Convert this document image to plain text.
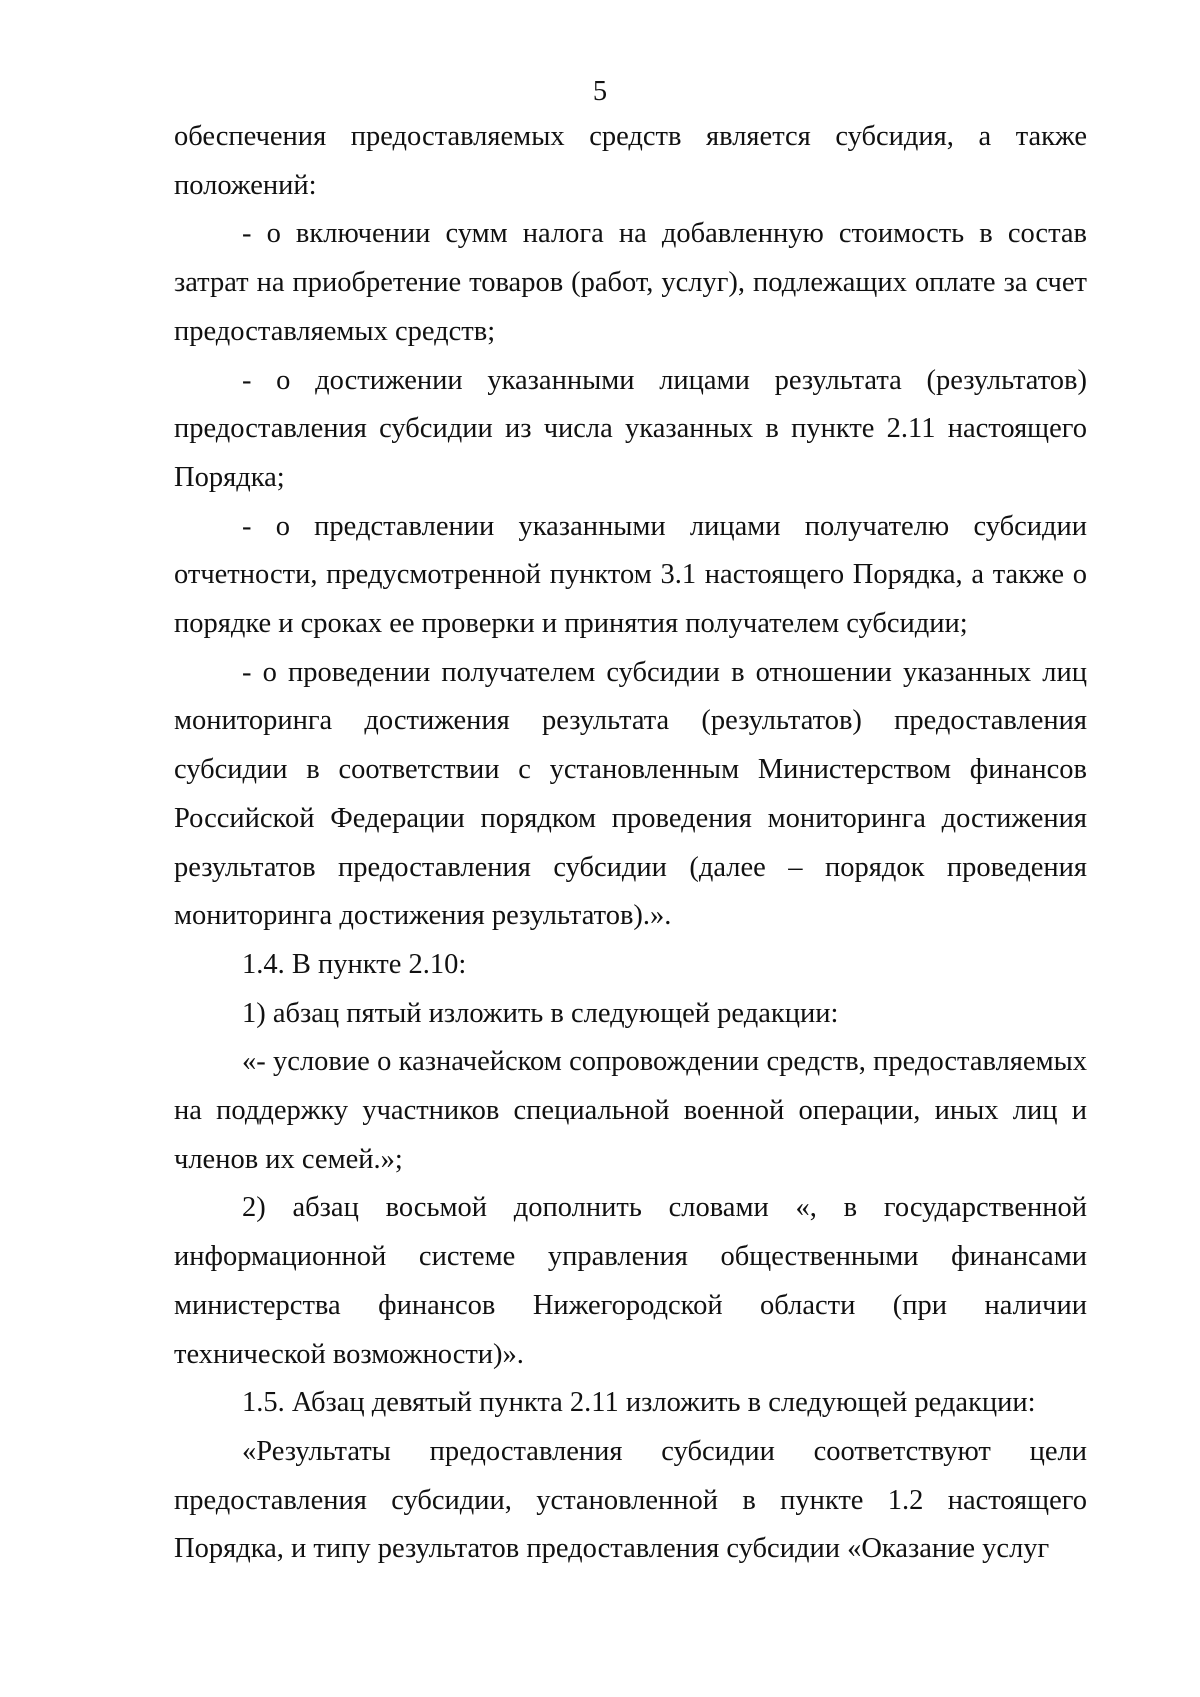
5

обеспечения предоставляемых средств является субсидия, а также положений:

- о включении сумм налога на добавленную стоимость в состав затрат на приобретение товаров (работ, услуг), подлежащих оплате за счет предоставляемых средств;

- о достижении указанными лицами результата (результатов) предоставления субсидии из числа указанных в пункте 2.11 настоящего Порядка;

- о представлении указанными лицами получателю субсидии отчетности, предусмотренной пунктом 3.1 настоящего Порядка, а также о порядке и сроках ее проверки и принятия получателем субсидии;

- о проведении получателем субсидии в отношении указанных лиц мониторинга достижения результата (результатов) предоставления субсидии в соответствии с установленным Министерством финансов Российской Федерации порядком проведения мониторинга достижения результатов предоставления субсидии (далее – порядок проведения мониторинга достижения результатов).».

1.4. В пункте 2.10:

1) абзац пятый изложить в следующей редакции:

«- условие о казначейском сопровождении средств, предоставляемых на поддержку участников специальной военной операции, иных лиц и членов их семей.»;

2) абзац восьмой дополнить словами «, в государственной информационной системе управления общественными финансами министерства финансов Нижегородской области (при наличии технической возможности)».

1.5. Абзац девятый пункта 2.11 изложить в следующей редакции:

«Результаты предоставления субсидии соответствуют цели предоставления субсидии, установленной в пункте 1.2 настоящего Порядка, и типу результатов предоставления субсидии «Оказание услуг
